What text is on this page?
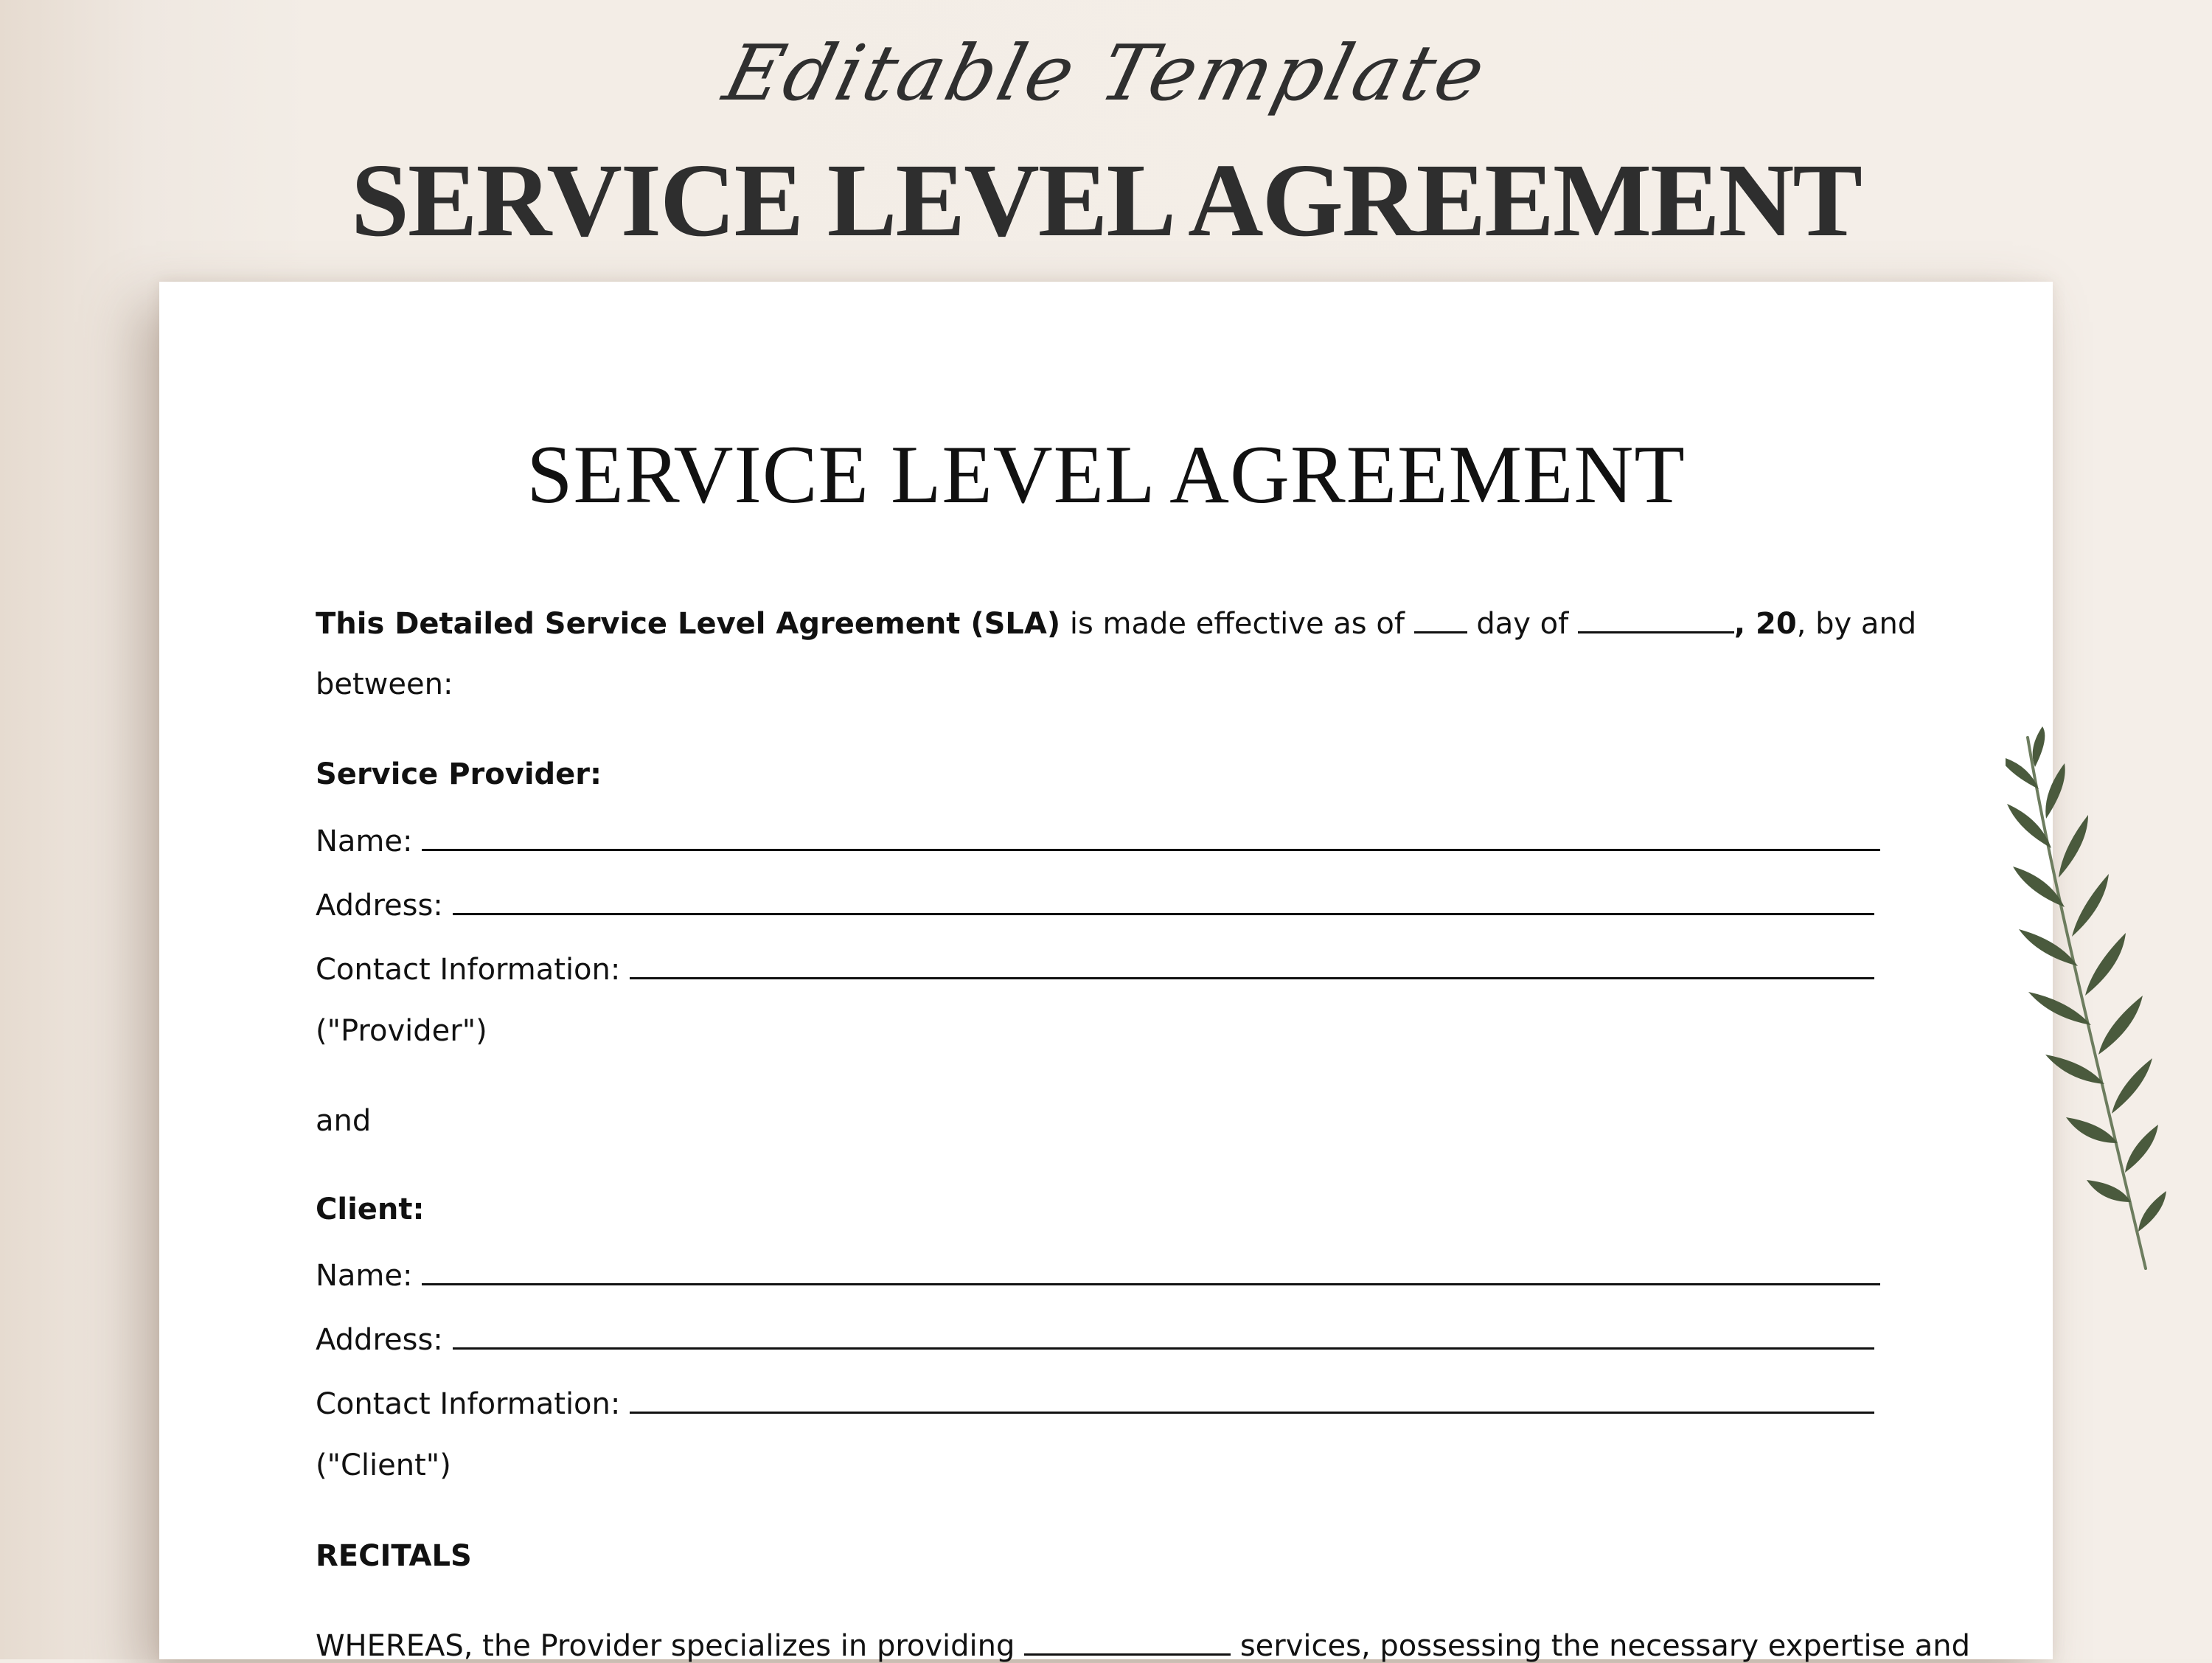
Editable Template
SERVICE LEVEL AGREEMENT
SERVICE LEVEL AGREEMENT
This Detailed Service Level Agreement (SLA) is made effective as of  day of	, 20, by and
between:
Service Provider:
Name:
Address:
Contact Information:
("Provider")
and
Client:
Name:
Address:
Contact Information:
("Client")
RECITALS
WHEREAS, the Provider specializes in providing	services, possessing the necessary expertise and
